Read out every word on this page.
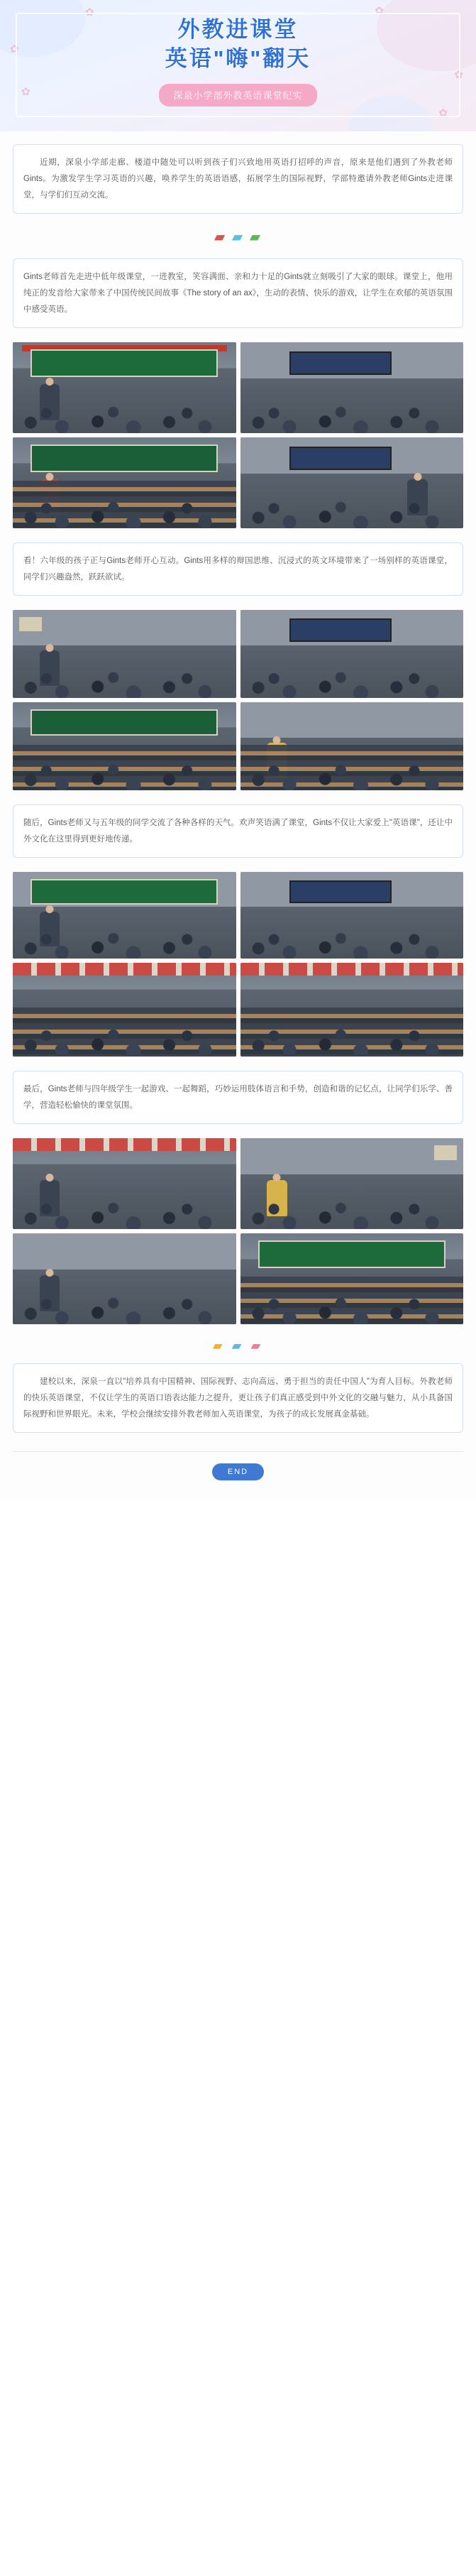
✿
✿
✿
✿
✿	✿
外教进课堂
英语"嗨"翻天
深泉小学部外教英语课堂纪实
近期，深泉小学部走廊、楼道中随处可以听到孩子们兴致地用英语打招呼的声音，原来是他们遇到了外教老师Gints。为激发学生学习英语的兴趣，唤养学生的英语语感，拓展学生的国际视野，学部特邀请外教老师Gints走进课堂，与学们们互动交流。
▰ ▰ ▰
Gints老师首先走进中低年级课堂，一进教室，笑容满面、亲和力十足的Gints就立刻吸引了大家的眼球。课堂上，他用纯正的发音给大家带来了中国传统民间故事《The story of an ax》，生动的表情、快乐的游戏，让学生在欢郁的英语氛围中感受英语。
看！六年级的孩子正与Gints老师开心互动。Gints用多样的辩国思维、沉浸式的英文环境带来了一场别样的英语课堂，同学们兴趣盎然，跃跃欲试。
随后，Gints老师又与五年级的同学交流了各种各样的天气。欢声笑语满了课堂，Gints不仅让大家爱上"英语课"，还让中外文化在这里得到更好地传递。
最后，Gints老师与四年级学生一起游戏、一起舞蹈，巧妙运用肢体语言和手势，创造和谐的记忆点，让同学们乐学、善学，营造轻松愉快的课堂氛围。
▰ ▰ ▰
建校以来，深泉一直以"培养具有中国精神、国际视野、志向高远、勇于担当的责任中国人"为育人目标。外教老师的快乐英语课堂，不仅让学生的英语口语表达能力之提升，更让孩子们真正感受到中外文化的交融与魅力，从小具备国际视野和世界眼光。未来，学校会继续安排外教老师加入英语课堂，为孩子的成长发展真金基础。
END
